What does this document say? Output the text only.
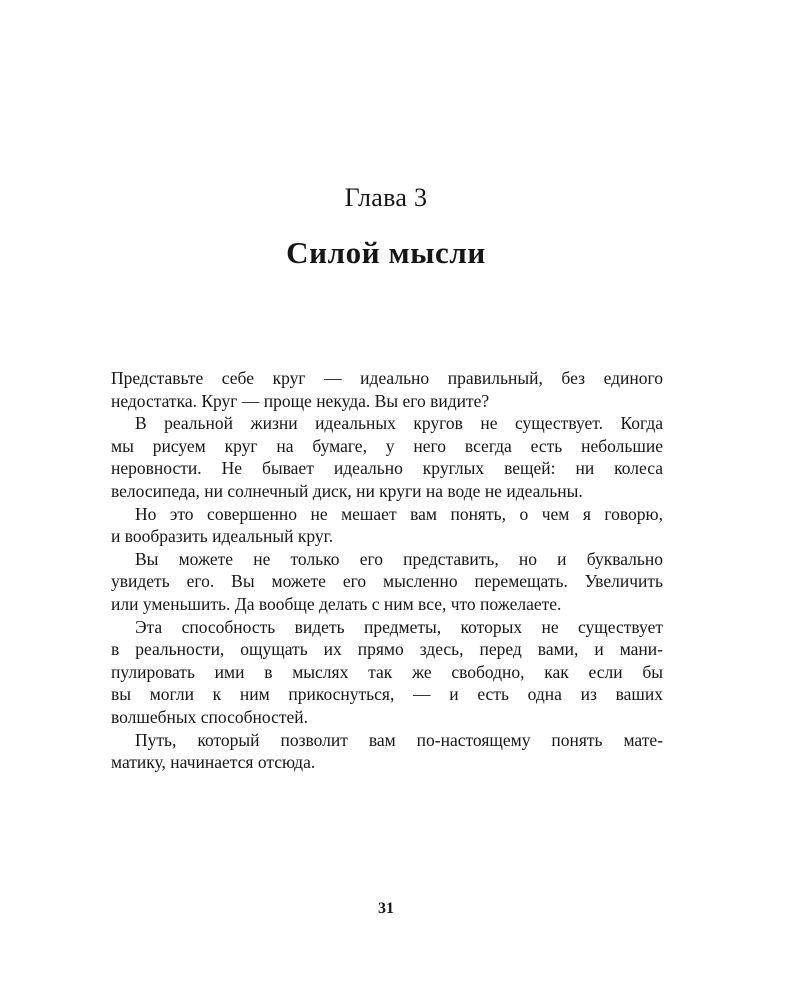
Глава 3
Силой мысли
Представьте себе круг — идеально правильный, без единого
недостатка. Круг — проще некуда. Вы его видите?
В реальной жизни идеальных кругов не существует. Когда
мы рисуем круг на бумаге, у него всегда есть небольшие
неровности. Не бывает идеально круглых вещей: ни колеса
велосипеда, ни солнечный диск, ни круги на воде не идеальны.
Но это совершенно не мешает вам понять, о чем я говорю,
и вообразить идеальный круг.
Вы можете не только его представить, но и буквально
увидеть его. Вы можете его мысленно перемещать. Увеличить
или уменьшить. Да вообще делать с ним все, что пожелаете.
Эта способность видеть предметы, которых не существует
в реальности, ощущать их прямо здесь, перед вами, и мани-
пулировать ими в мыслях так же свободно, как если бы
вы могли к ним прикоснуться, — и есть одна из ваших
волшебных способностей.
Путь, который позволит вам по-настоящему понять мате-
матику, начинается отсюда.
31
